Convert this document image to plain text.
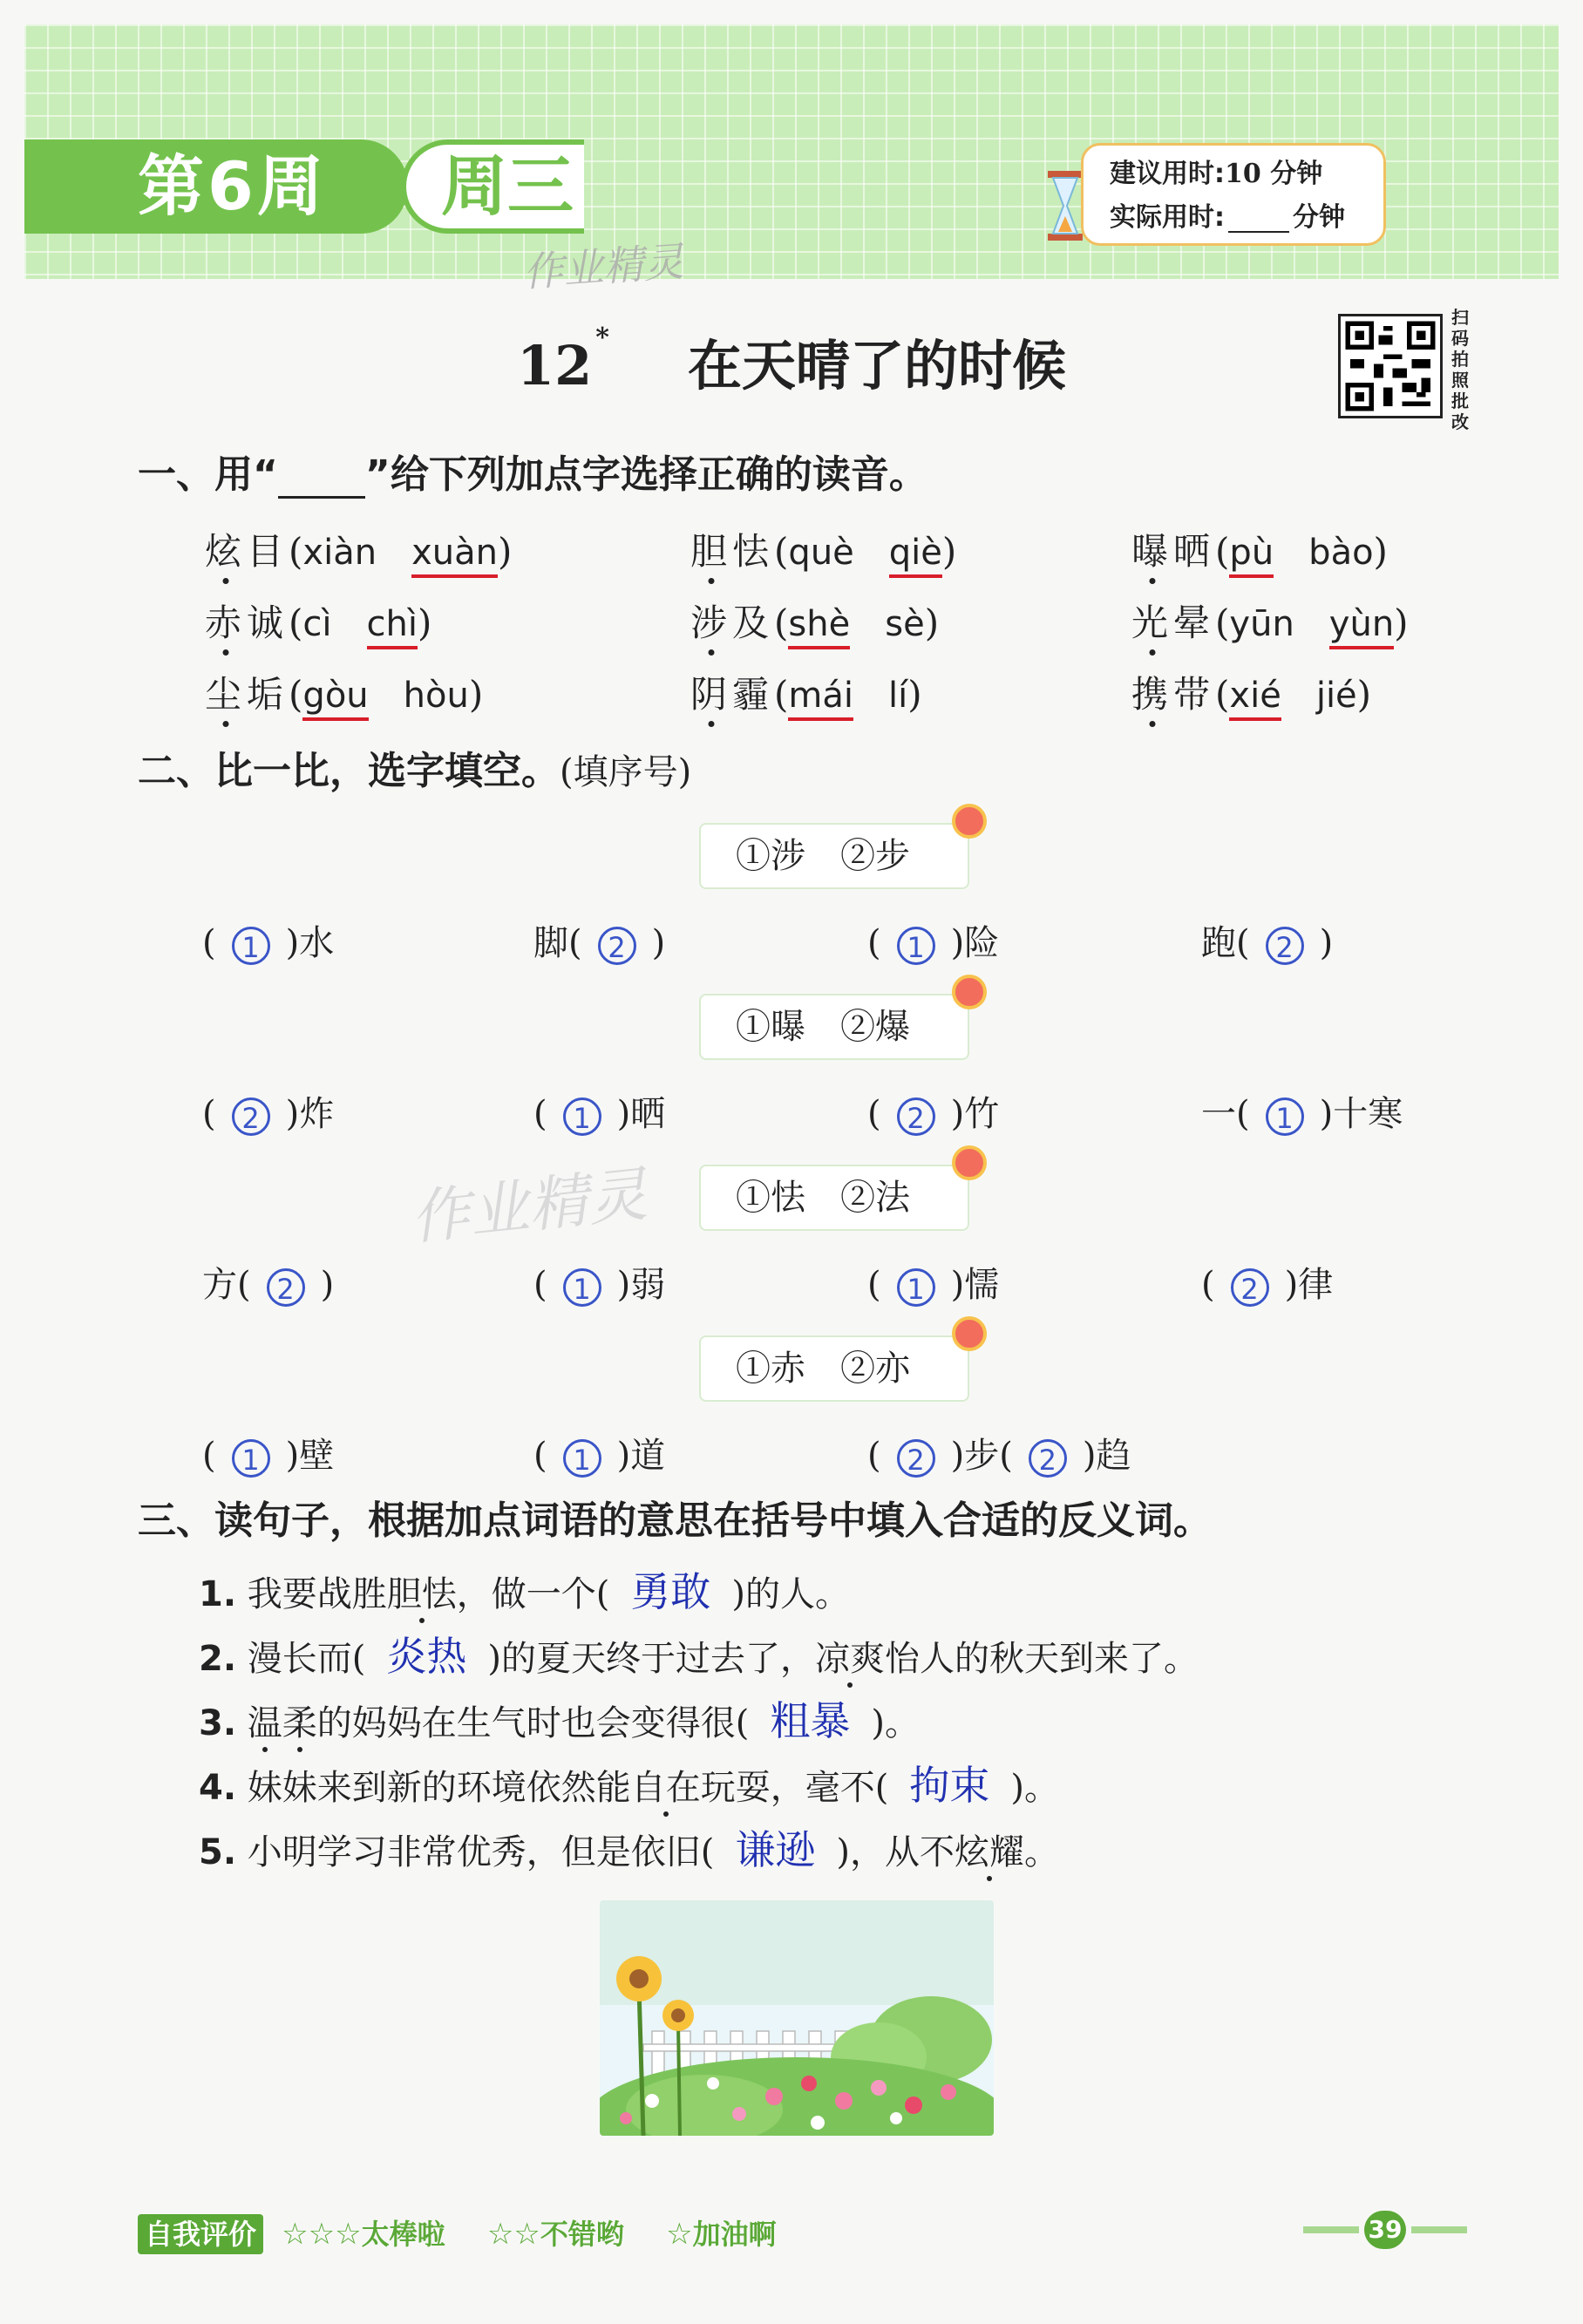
第6周	周三
作业精灵
建议用时:10 分钟
实际用时:	分钟
12 * 在天晴了的时候
扫
码
拍
照
批
改
一、用“ ”给下列加点字选择正确的读音。
炫目(xiàn xuàn)	胆怯(què qiè)	曝晒(pù bào)
赤诚(cì chì)	涉及(shè sè)	光晕(yūn yùn)
尘垢(gòu hòu)	阴霾(mái lí)	携带(xié jié)
二、比一比，选字填空。(填序号)
①涉　②步
( 1 )水	脚( 2 )	( 1 )险	跑( 2 )
①曝　②爆
( 2 )炸	( 1 )晒	( 2 )竹	一( 1 )十寒
①怯　②法
方( 2 )	( 1 )弱	( 1 )懦	( 2 )律
①赤　②亦
( 1 )壁	( 1 )道	( 2 )步( 2 )趋
作业精灵
三、读句子，根据加点词语的意思在括号中填入合适的反义词。
1. 我要战胜胆怯，做一个( 勇敢 )的人。
2. 漫长而( 炎热 )的夏天终于过去了，凉爽怡人的秋天到来了。
3. 温柔的妈妈在生气时也会变得很( 粗暴 )。
4. 妹妹来到新的环境依然能自在玩耍，毫不( 拘束 )。
5. 小明学习非常优秀，但是依旧( 谦逊 )，从不炫耀。
自我评价 ☆☆☆太棒啦 ☆☆不错哟 ☆加油啊	39
